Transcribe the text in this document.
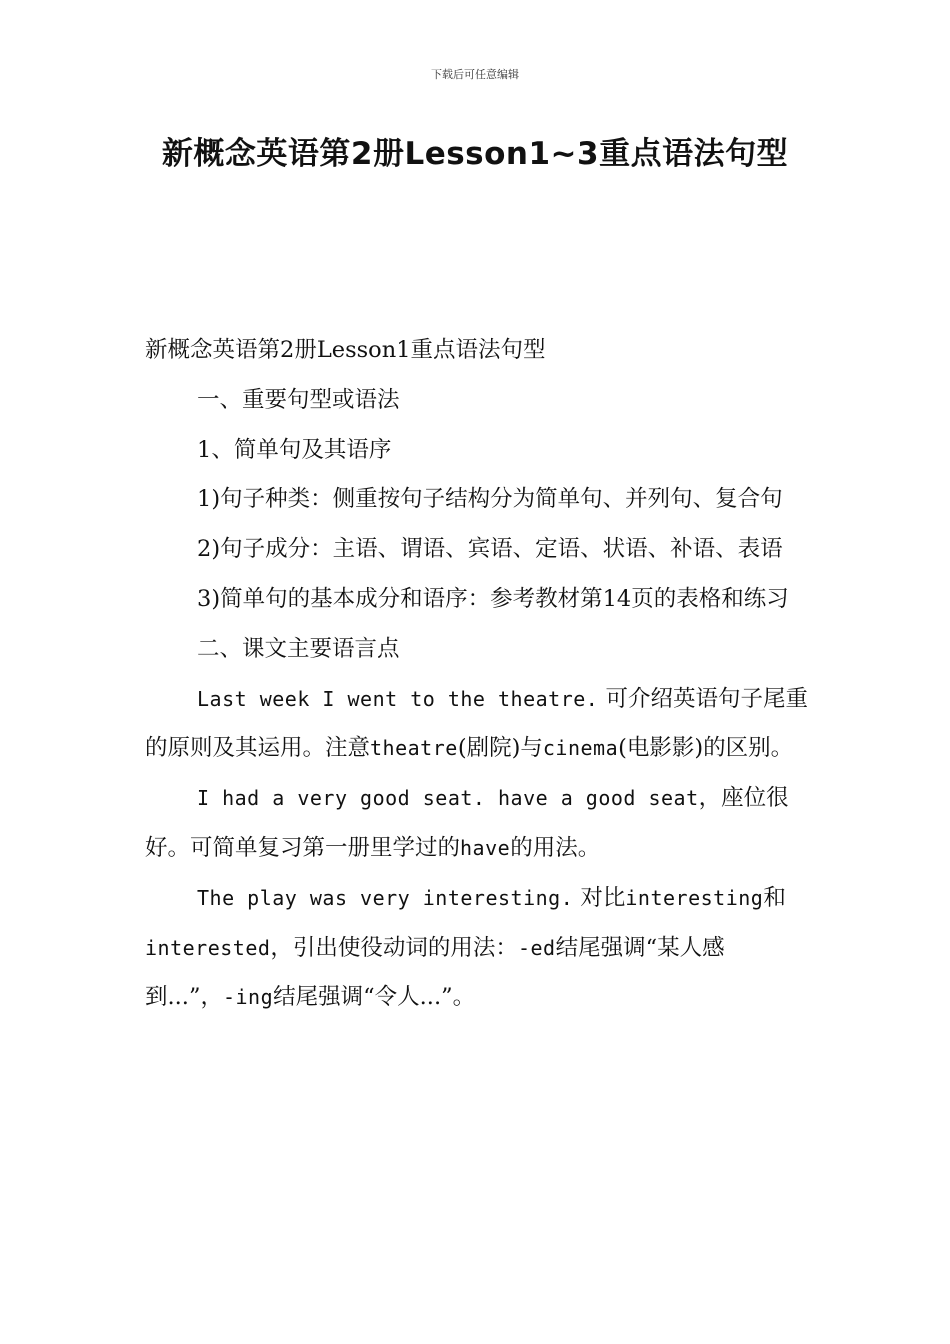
下载后可任意编辑
新概念英语第2册Lesson1~3重点语法句型

新概念英语第2册Lesson1重点语法句型

一、重要句型或语法

1、简单句及其语序

1)句子种类：侧重按句子结构分为简单句、并列句、复合句

2)句子成分：主语、谓语、宾语、定语、状语、补语、表语

3)简单句的基本成分和语序：参考教材第14页的表格和练习

二、课文主要语言点

Last week I went to the theatre. 可介绍英语句子尾重的原则及其运用。注意theatre(剧院)与cinema(电影影)的区别。

I had a very good seat. have a good seat，座位很好。可简单复习第一册里学过的have的用法。

The play was very interesting. 对比interesting和interested，引出使役动词的用法：-ed结尾强调“某人感到...”，-ing结尾强调“令人...”。
